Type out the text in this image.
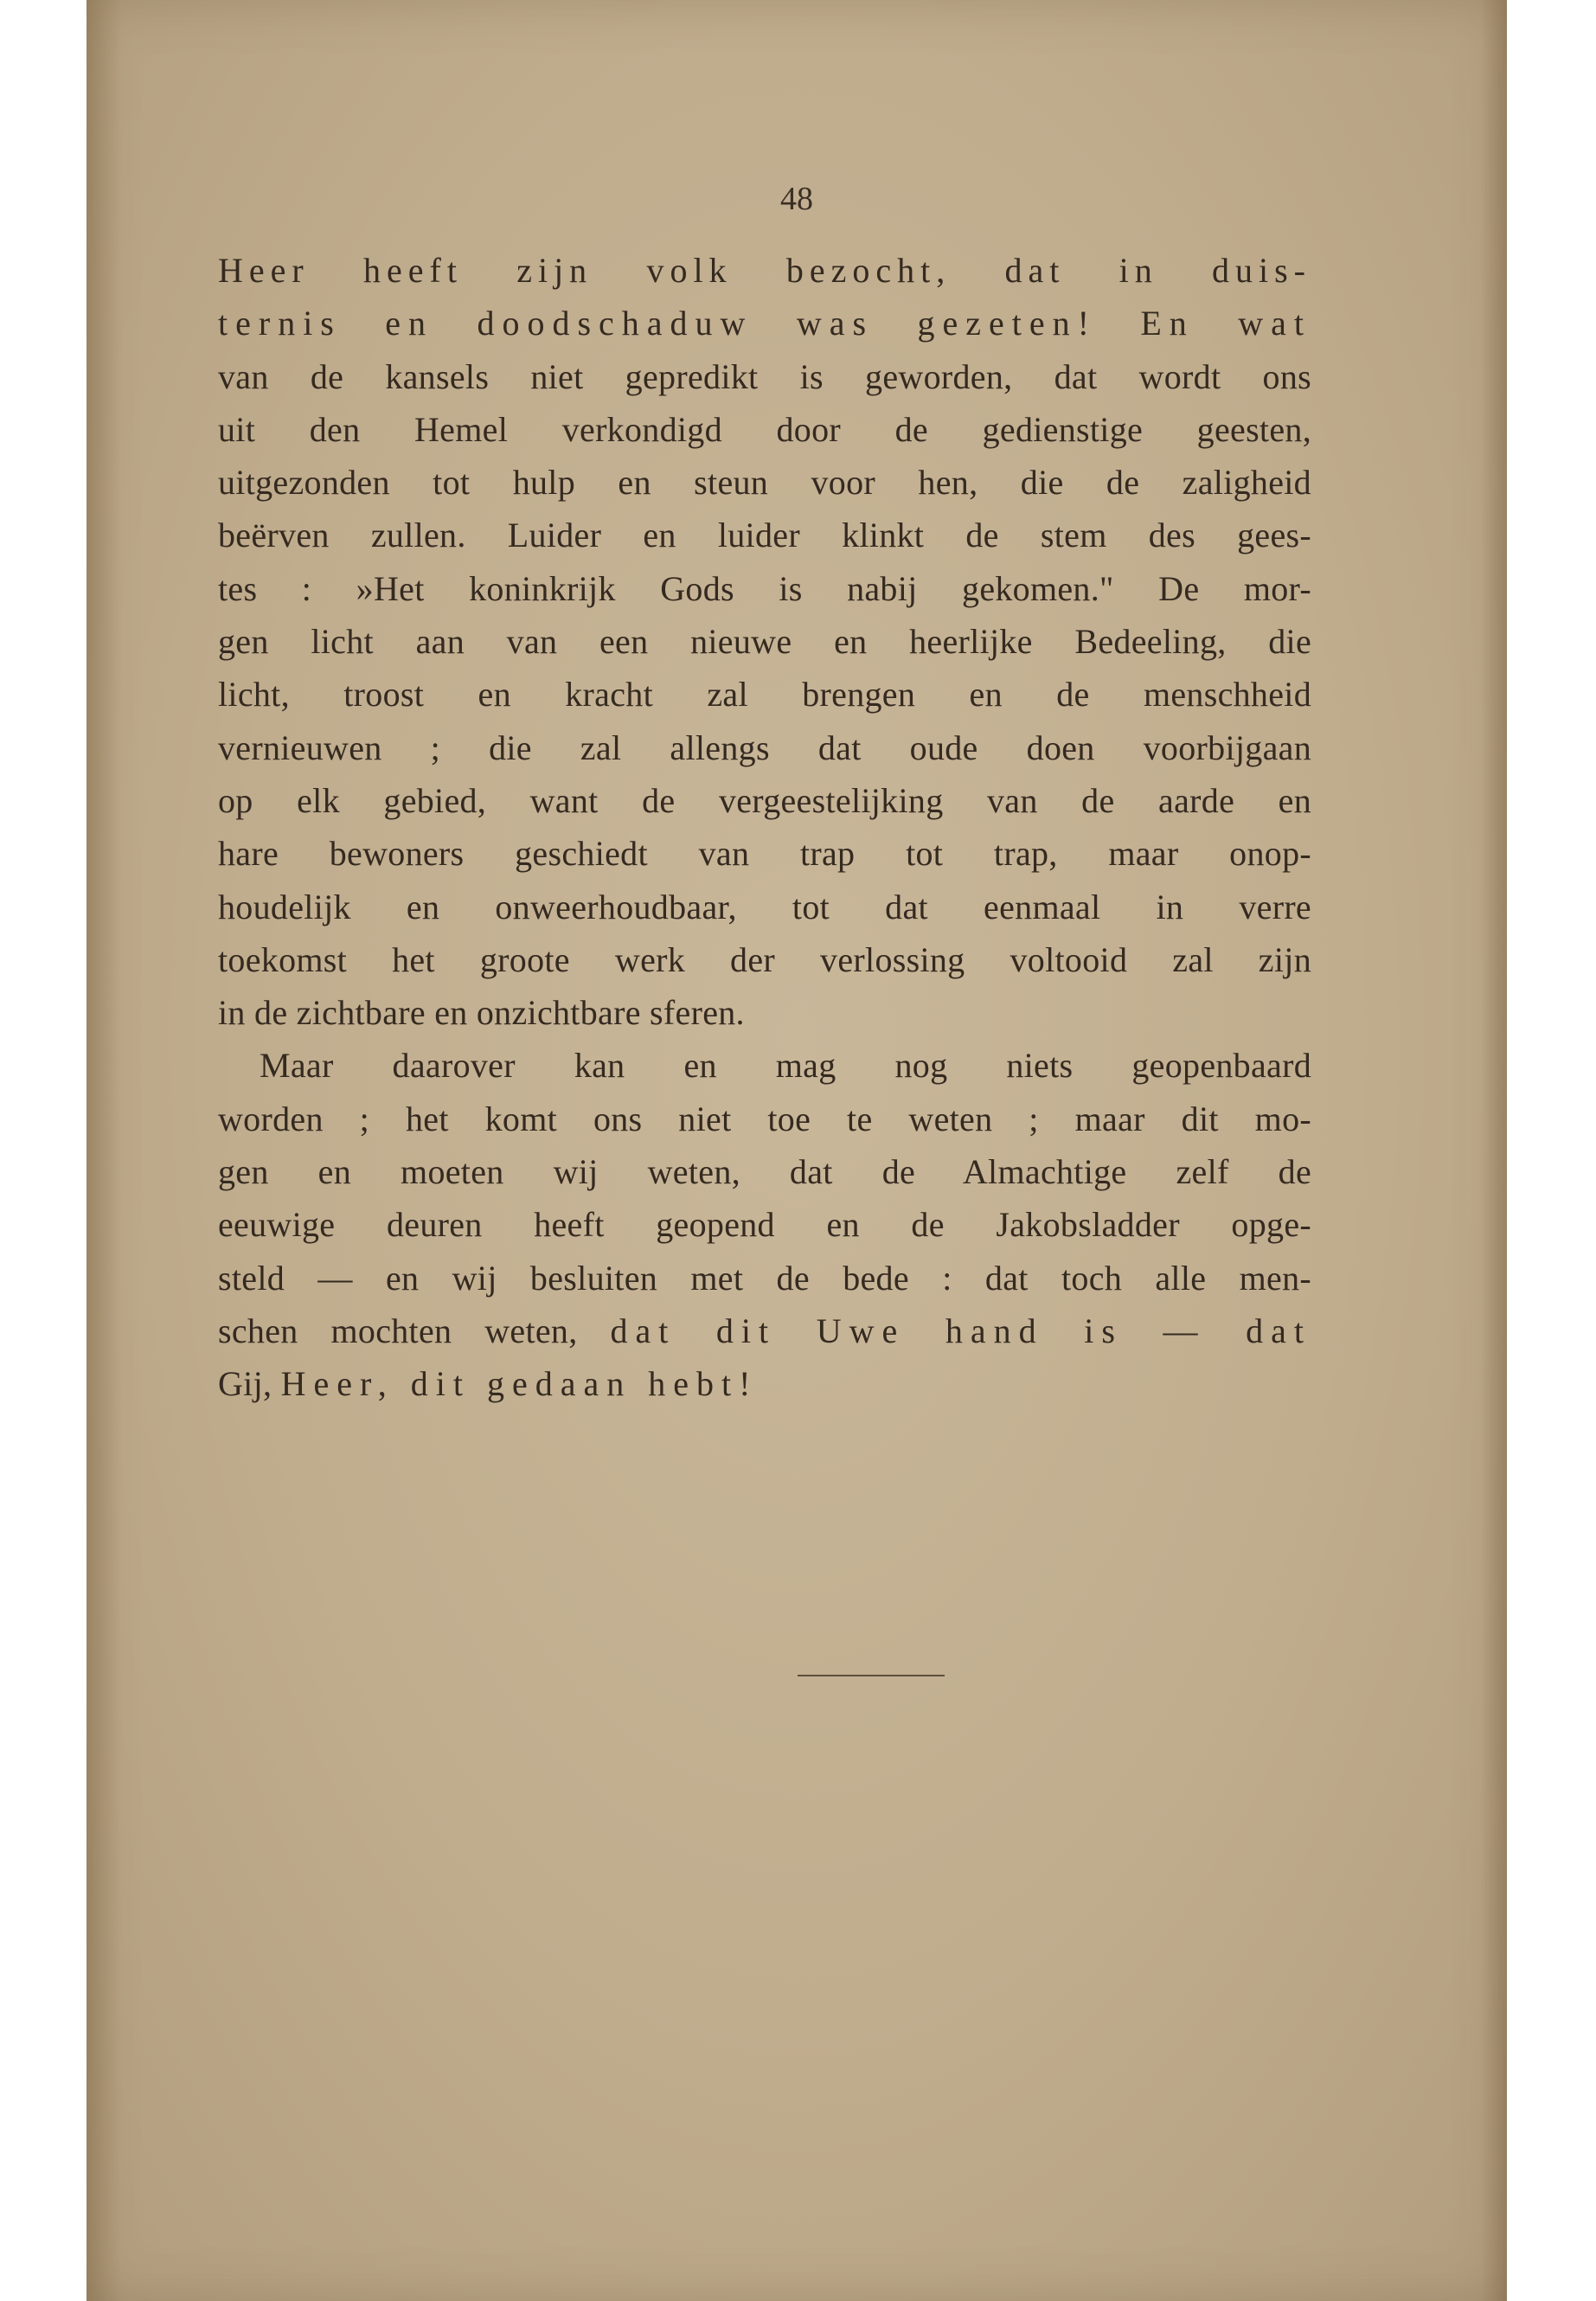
48
Heer heeft zijn volk bezocht, dat in duis-
ternis en doodschaduw was gezeten! En wat
van de kansels niet gepredikt is geworden, dat wordt ons
uit den Hemel verkondigd door de gedienstige geesten,
uitgezonden tot hulp en steun voor hen, die de zaligheid
beërven zullen. Luider en luider klinkt de stem des gees-
tes : »Het koninkrijk Gods is nabij gekomen." De mor-
gen licht aan van een nieuwe en heerlijke Bedeeling, die
licht, troost en kracht zal brengen en de menschheid
vernieuwen ; die zal allengs dat oude doen voorbijgaan
op elk gebied, want de vergeestelijking van de aarde en
hare bewoners geschiedt van trap tot trap, maar onop-
houdelijk en onweerhoudbaar, tot dat eenmaal in verre
toekomst het groote werk der verlossing voltooid zal zijn
in de zichtbare en onzichtbare sferen.
Maar daarover kan en mag nog niets geopenbaard
worden ; het komt ons niet toe te weten ; maar dit mo-
gen en moeten wij weten, dat de Almachtige zelf de
eeuwige deuren heeft geopend en de Jakobsladder opge-
steld — en wij besluiten met de bede : dat toch alle men-
schen mochten weten, dat dit Uwe hand is — dat
Gij, Heer, dit gedaan hebt!
